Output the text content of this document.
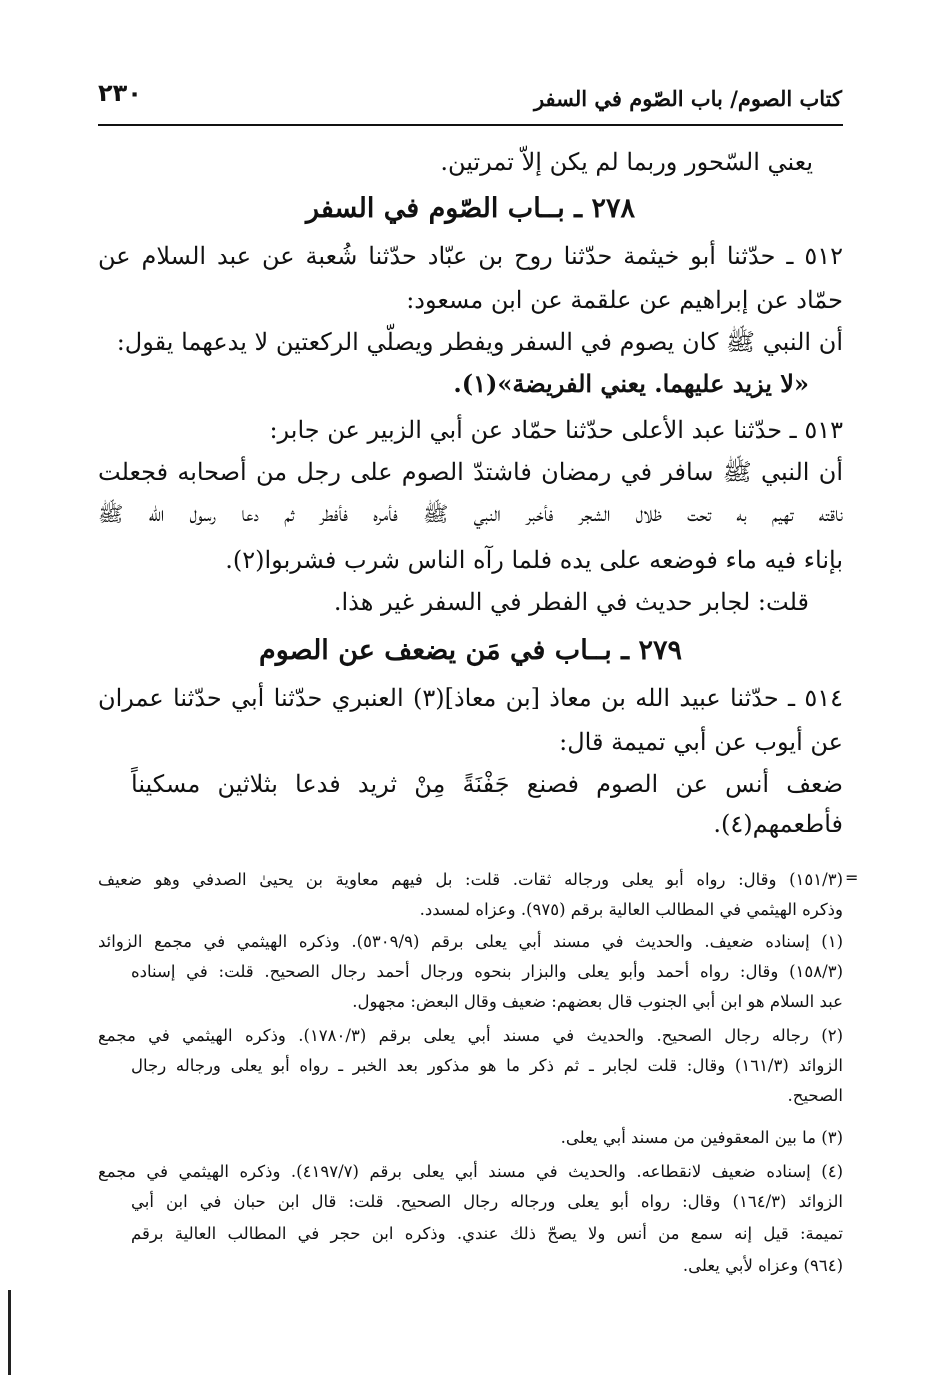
٢٣٠	كتاب الصوم/ باب الصّوم في السفر
يعني السّحور وربما لم يكن إلاّ تمرتين.
٢٧٨ ـ بــاب الصّوم في السفر
٥١٢ ـ حدّثنا أبو خيثمة حدّثنا روح بن عبّاد حدّثنا شُعبة عن عبد السلام عن
حمّاد عن إبراهيم عن علقمة عن ابن مسعود:
أن النبي ﷺ كان يصوم في السفر ويفطر ويصلّي الركعتين لا يدعهما يقول:
«لا يزيد عليهما. يعني الفريضة»(١).
٥١٣ ـ حدّثنا عبد الأعلى حدّثنا حمّاد عن أبي الزبير عن جابر:
أن النبي ﷺ سافر في رمضان فاشتدّ الصوم على رجل من أصحابه فجعلت
ناقته تهيم به تحت ظلال الشجر فأخبر النبي ﷺ فأمره فأفطر ثم دعا رسول الله ﷺ
بإناء فيه ماء فوضعه على يده فلما رآه الناس شرب فشربوا(٢).
قلت: لجابر حديث في الفطر في السفر غير هذا.
٢٧٩ ـ بــاب في مَن يضعف عن الصوم
٥١٤ ـ حدّثنا عبيد الله بن معاذ [بن معاذ](٣) العنبري حدّثنا أبي حدّثنا عمران
عن أيوب عن أبي تميمة قال:
ضعف أنس عن الصوم فصنع جَفْنَةً مِنْ ثريد فدعا بثلاثين مسكيناً
فأطعمهم(٤).
=
(١٥١/٣) وقال: رواه أبو يعلى ورجاله ثقات. قلت: بل فيهم معاوية بن يحيىٰ الصدفي وهو ضعيف
وذكره الهيثمي في المطالب العالية برقم (٩٧٥). وعزاه لمسدد.
(١) إسناده ضعيف. والحديث في مسند أبي يعلى برقم (٥٣٠٩/٩). وذكره الهيثمي في مجمع الزوائد
(١٥٨/٣) وقال: رواه أحمد وأبو يعلى والبزار بنحوه ورجال أحمد رجال الصحيح. قلت: في إسناده
عبد السلام هو ابن أبي الجنوب قال بعضهم: ضعيف وقال البعض: مجهول.
(٢) رجاله رجال الصحيح. والحديث في مسند أبي يعلى برقم (١٧٨٠/٣). وذكره الهيثمي في مجمع
الزوائد (١٦١/٣) وقال: قلت لجابر ـ ثم ذكر ما هو مذكور بعد الخبر ـ رواه أبو يعلى ورجاله رجال
الصحيح.
(٣) ما بين المعقوفين من مسند أبي يعلى.
(٤) إسناده ضعيف لانقطاعه. والحديث في مسند أبي يعلى برقم (٤١٩٧/٧). وذكره الهيثمي في مجمع
الزوائد (١٦٤/٣) وقال: رواه أبو يعلى ورجاله رجال الصحيح. قلت: قال ابن حبان في ابن أبي
تميمة: قيل إنه سمع من أنس ولا يصحّ ذلك عندي. وذكره ابن حجر في المطالب العالية برقم
(٩٦٤) وعزاه لأبي يعلى.
